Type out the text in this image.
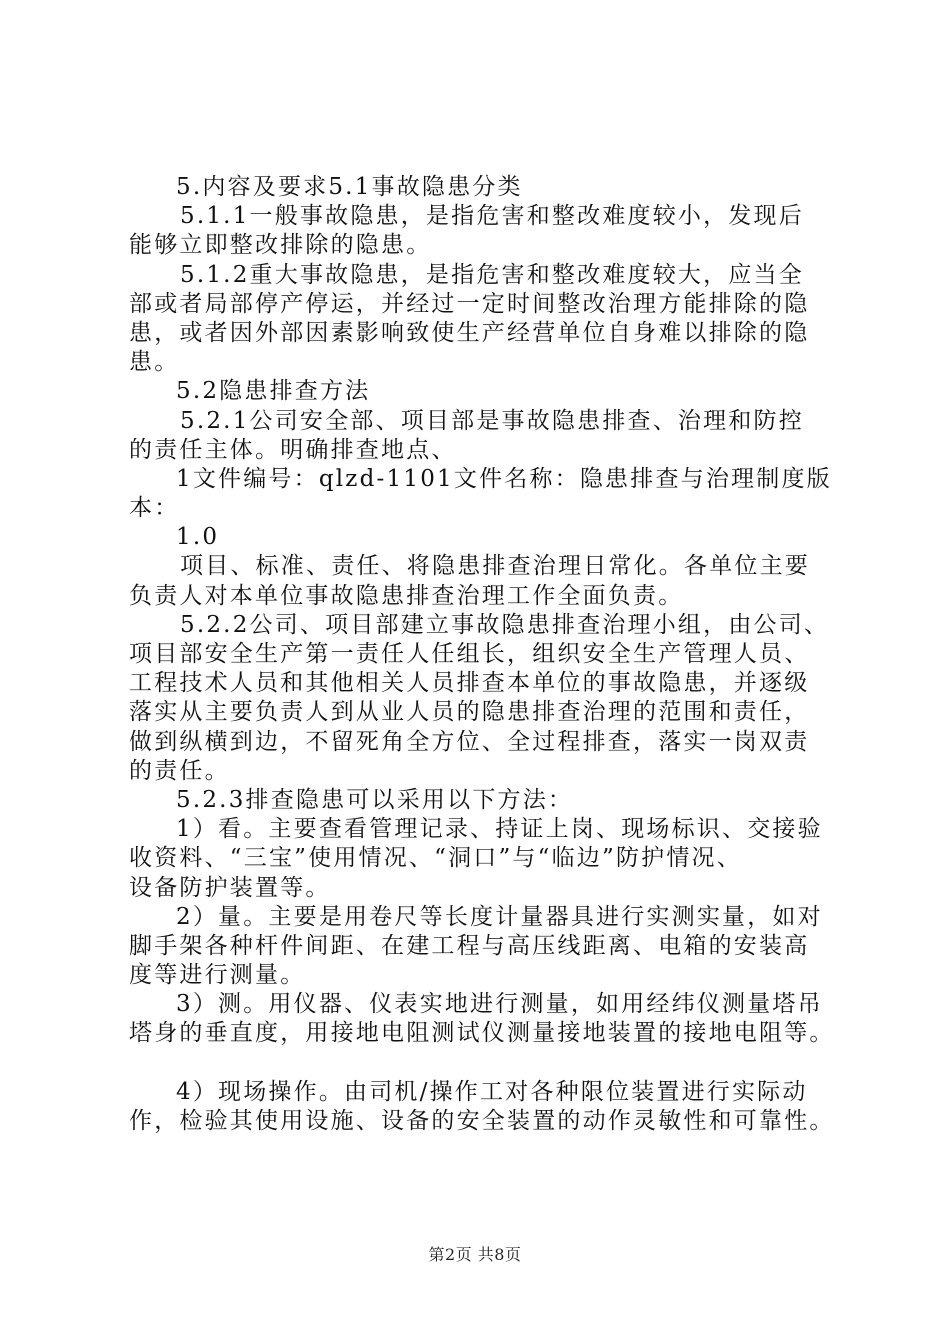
5.内容及要求5.1事故隐患分类
5.1.1一般事故隐患，是指危害和整改难度较小，发现后
能够立即整改排除的隐患。
5.1.2重大事故隐患，是指危害和整改难度较大，应当全
部或者局部停产停运，并经过一定时间整改治理方能排除的隐
患，或者因外部因素影响致使生产经营单位自身难以排除的隐
患。
5.2隐患排查方法
5.2.1公司安全部、项目部是事故隐患排查、治理和防控
的责任主体。明确排查地点、
1文件编号：qlzd-1101文件名称：隐患排查与治理制度版
本：
1.0
项目、标准、责任、将隐患排查治理日常化。各单位主要
负责人对本单位事故隐患排查治理工作全面负责。
5.2.2公司、项目部建立事故隐患排查治理小组，由公司、
项目部安全生产第一责任人任组长，组织安全生产管理人员、
工程技术人员和其他相关人员排查本单位的事故隐患，并逐级
落实从主要负责人到从业人员的隐患排查治理的范围和责任，
做到纵横到边，不留死角全方位、全过程排查，落实一岗双责
的责任。
5.2.3排查隐患可以采用以下方法：
1）看。主要查看管理记录、持证上岗、现场标识、交接验
收资料、“三宝”使用情况、“洞口”与“临边”防护情况、
设备防护装置等。
2）量。主要是用卷尺等长度计量器具进行实测实量，如对
脚手架各种杆件间距、在建工程与高压线距离、电箱的安装高
度等进行测量。
3）测。用仪器、仪表实地进行测量，如用经纬仪测量塔吊
塔身的垂直度，用接地电阻测试仪测量接地装置的接地电阻等。
4）现场操作。由司机/操作工对各种限位装置进行实际动
作，检验其使用设施、设备的安全装置的动作灵敏性和可靠性。
第2页 共8页
